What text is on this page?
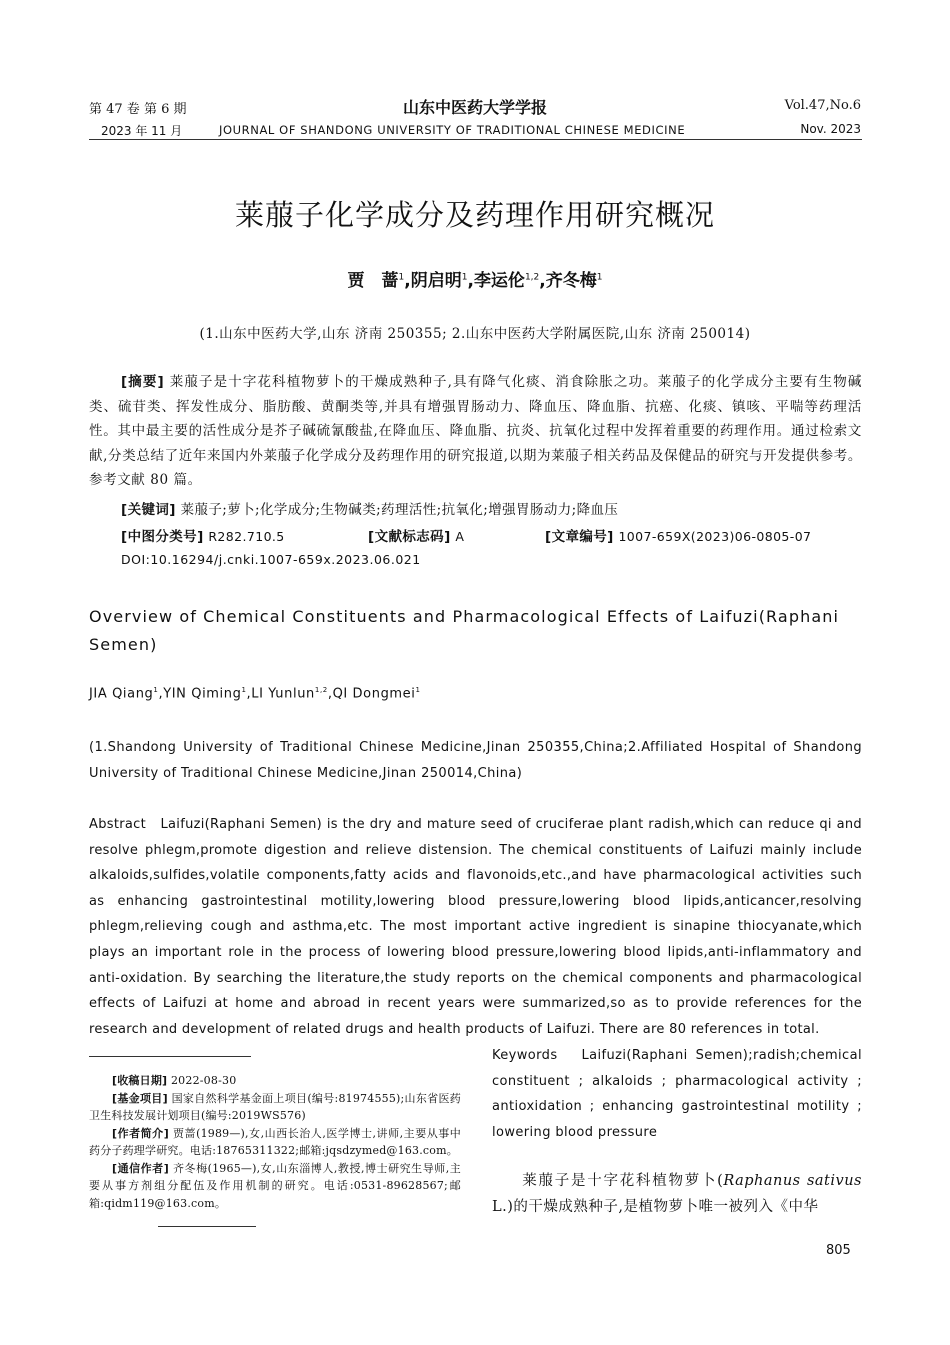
第 47 卷 第 6 期	山东中医药大学学报	Vol.47,No.6
2023 年 11 月	JOURNAL OF SHANDONG UNIVERSITY OF TRADITIONAL CHINESE MEDICINE	Nov. 2023
莱菔子化学成分及药理作用研究概况
贾　蔷$^1$,阴启明$^1$,李运伦$^{1,2}$,齐冬梅$^1$
(1.山东中医药大学,山东 济南 250355; 2.山东中医药大学附属医院,山东 济南 250014)
[摘要] 莱菔子是十字花科植物萝卜的干燥成熟种子,具有降气化痰、消食除胀之功。莱菔子的化学成分主要有生物碱类、硫苷类、挥发性成分、脂肪酸、黄酮类等,并具有增强胃肠动力、降血压、降血脂、抗癌、化痰、镇咳、平喘等药理活性。其中最主要的活性成分是芥子碱硫氰酸盐,在降血压、降血脂、抗炎、抗氧化过程中发挥着重要的药理作用。通过检索文献,分类总结了近年来国内外莱菔子化学成分及药理作用的研究报道,以期为莱菔子相关药品及保健品的研究与开发提供参考。参考文献 80 篇。
[关键词] 莱菔子;萝卜;化学成分;生物碱类;药理活性;抗氧化;增强胃肠动力;降血压
[中图分类号] R282.710.5	[文献标志码] A	[文章编号] 1007-659X(2023)06-0805-07
DOI:10.16294/j.cnki.1007-659x.2023.06.021
Overview of Chemical Constituents and Pharmacological Effects of Laifuzi(Raphani Semen)
JIA Qiang$^1$,YIN Qiming$^1$,LI Yunlun$^{1,2}$,QI Dongmei$^1$
(1.Shandong University of Traditional Chinese Medicine,Jinan 250355,China;2.Affiliated Hospital of Shandong University of Traditional Chinese Medicine,Jinan 250014,China)
Abstract Laifuzi(Raphani Semen) is the dry and mature seed of cruciferae plant radish,which can reduce qi and resolve phlegm,promote digestion and relieve distension. The chemical constituents of Laifuzi mainly include alkaloids,sulfides,volatile components,fatty acids and flavonoids,etc.,and have pharmacological activities such as enhancing gastrointestinal motility,lowering blood pressure,lowering blood lipids,anticancer,resolving phlegm,relieving cough and asthma,etc. The most important active ingredient is sinapine thiocyanate,which plays an important role in the process of lowering blood pressure,lowering blood lipids,anti-inflammatory and anti-oxidation. By searching the literature,the study reports on the chemical components and pharmacological effects of Laifuzi at home and abroad in recent years were summarized,so as to provide references for the research and development of related drugs and health products of Laifuzi. There are 80 references in total.
Keywords Laifuzi(Raphani Semen);radish;chemical constituent ; alkaloids ; pharmacological activity ; antioxidation ; enhancing gastrointestinal motility ; lowering blood pressure

[收稿日期] 2022-08-30

[基金项目] 国家自然科学基金面上项目(编号:81974555);山东省医药卫生科技发展计划项目(编号:2019WS576)

[作者简介] 贾蔷(1989—),女,山西长治人,医学博士,讲师,主要从事中药分子药理学研究。电话:18765311322;邮箱:jqsdzymed@163.com。

[通信作者] 齐冬梅(1965—),女,山东淄博人,教授,博士研究生导师,主要从事方剂组分配伍及作用机制的研究。电话:0531-89628567;邮箱:qidm119@163.com。

莱菔子是十字花科植物萝卜(Raphanus sativus L.)的干燥成熟种子,是植物萝卜唯一被列入《中华
805
